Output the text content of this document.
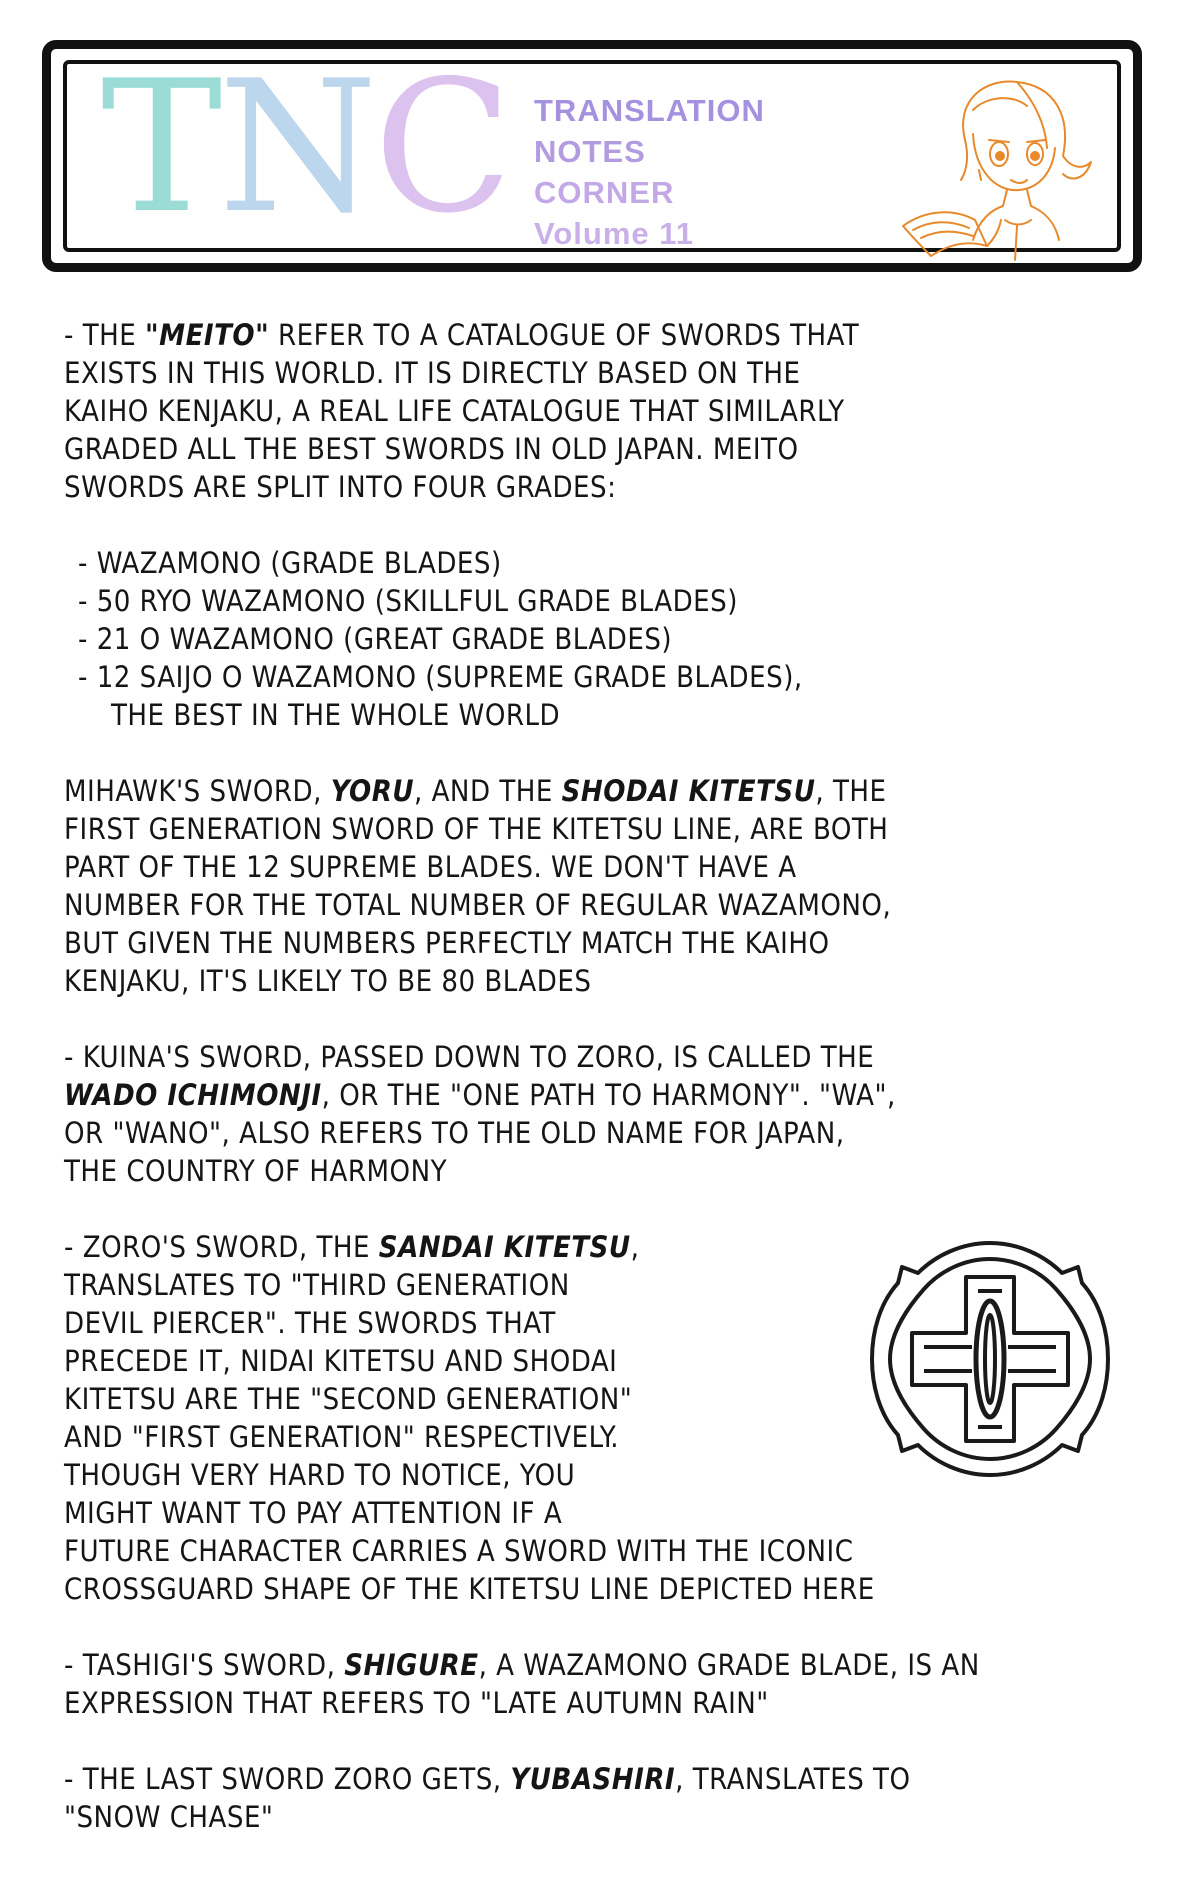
TNC TRANSLATION
NOTES
CORNER
Volume 11
- THE "MEITO" REFER TO A CATALOGUE OF SWORDS THAT
EXISTS IN THIS WORLD. IT IS DIRECTLY BASED ON THE
KAIHO KENJAKU, A REAL LIFE CATALOGUE THAT SIMILARLY
GRADED ALL THE BEST SWORDS IN OLD JAPAN. MEITO
SWORDS ARE SPLIT INTO FOUR GRADES:
- WAZAMONO (GRADE BLADES)
- 50 RYO WAZAMONO (SKILLFUL GRADE BLADES)
- 21 O WAZAMONO (GREAT GRADE BLADES)
- 12 SAIJO O WAZAMONO (SUPREME GRADE BLADES),
THE BEST IN THE WHOLE WORLD
MIHAWK'S SWORD, YORU, AND THE SHODAI KITETSU, THE
FIRST GENERATION SWORD OF THE KITETSU LINE, ARE BOTH
PART OF THE 12 SUPREME BLADES. WE DON'T HAVE A
NUMBER FOR THE TOTAL NUMBER OF REGULAR WAZAMONO,
BUT GIVEN THE NUMBERS PERFECTLY MATCH THE KAIHO
KENJAKU, IT'S LIKELY TO BE 80 BLADES
- KUINA'S SWORD, PASSED DOWN TO ZORO, IS CALLED THE
WADO ICHIMONJI, OR THE "ONE PATH TO HARMONY". "WA",
OR "WANO", ALSO REFERS TO THE OLD NAME FOR JAPAN,
THE COUNTRY OF HARMONY
- ZORO'S SWORD, THE SANDAI KITETSU,
TRANSLATES TO "THIRD GENERATION
DEVIL PIERCER". THE SWORDS THAT
PRECEDE IT, NIDAI KITETSU AND SHODAI
KITETSU ARE THE "SECOND GENERATION"
AND "FIRST GENERATION" RESPECTIVELY.
THOUGH VERY HARD TO NOTICE, YOU
MIGHT WANT TO PAY ATTENTION IF A
FUTURE CHARACTER CARRIES A SWORD WITH THE ICONIC
CROSSGUARD SHAPE OF THE KITETSU LINE DEPICTED HERE
- TASHIGI'S SWORD, SHIGURE, A WAZAMONO GRADE BLADE, IS AN
EXPRESSION THAT REFERS TO "LATE AUTUMN RAIN"
- THE LAST SWORD ZORO GETS, YUBASHIRI, TRANSLATES TO
"SNOW CHASE"
